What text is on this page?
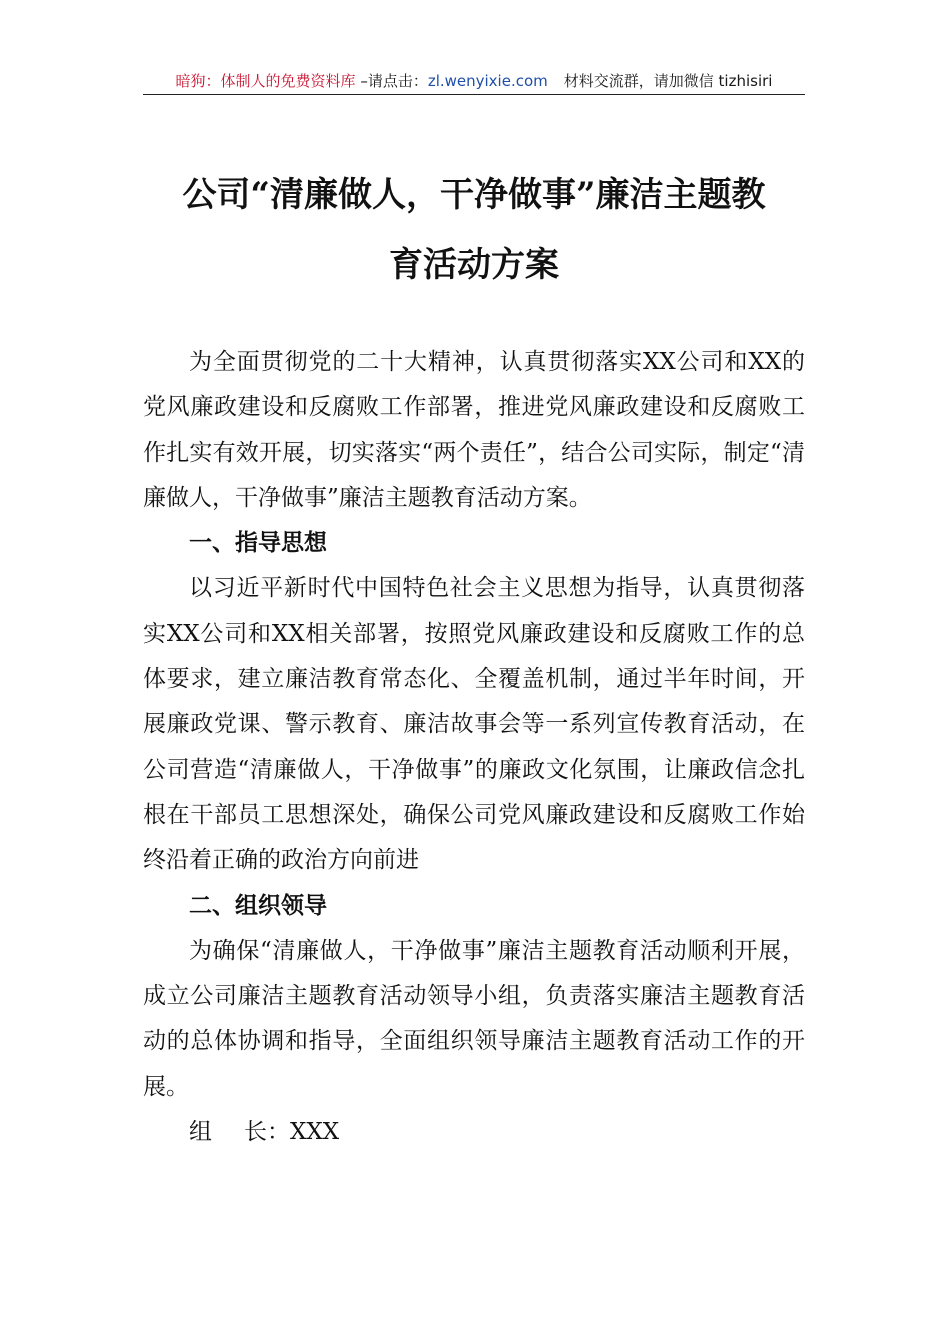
暗狗：体制人的免费资料库 –请点击：zl.wenyixie.com 材料交流群，请加微信 tizhisiri
公司“清廉做人，干净做事”廉洁主题教
育活动方案

为全面贯彻党的二十大精神，认真贯彻落实XX公司和XX的党风廉政建设和反腐败工作部署，推进党风廉政建设和反腐败工作扎实有效开展，切实落实“两个责任”，结合公司实际，制定“清廉做人，干净做事”廉洁主题教育活动方案。

一、指导思想

以习近平新时代中国特色社会主义思想为指导，认真贯彻落实XX公司和XX相关部署，按照党风廉政建设和反腐败工作的总体要求，建立廉洁教育常态化、全覆盖机制，通过半年时间，开展廉政党课、警示教育、廉洁故事会等一系列宣传教育活动，在公司营造“清廉做人，干净做事”的廉政文化氛围，让廉政信念扎根在干部员工思想深处，确保公司党风廉政建设和反腐败工作始终沿着正确的政治方向前进

二、组织领导

为确保“清廉做人，干净做事”廉洁主题教育活动顺利开展，成立公司廉洁主题教育活动领导小组，负责落实廉洁主题教育活动的总体协调和指导，全面组织领导廉洁主题教育活动工作的开展。

组 长：XXX
